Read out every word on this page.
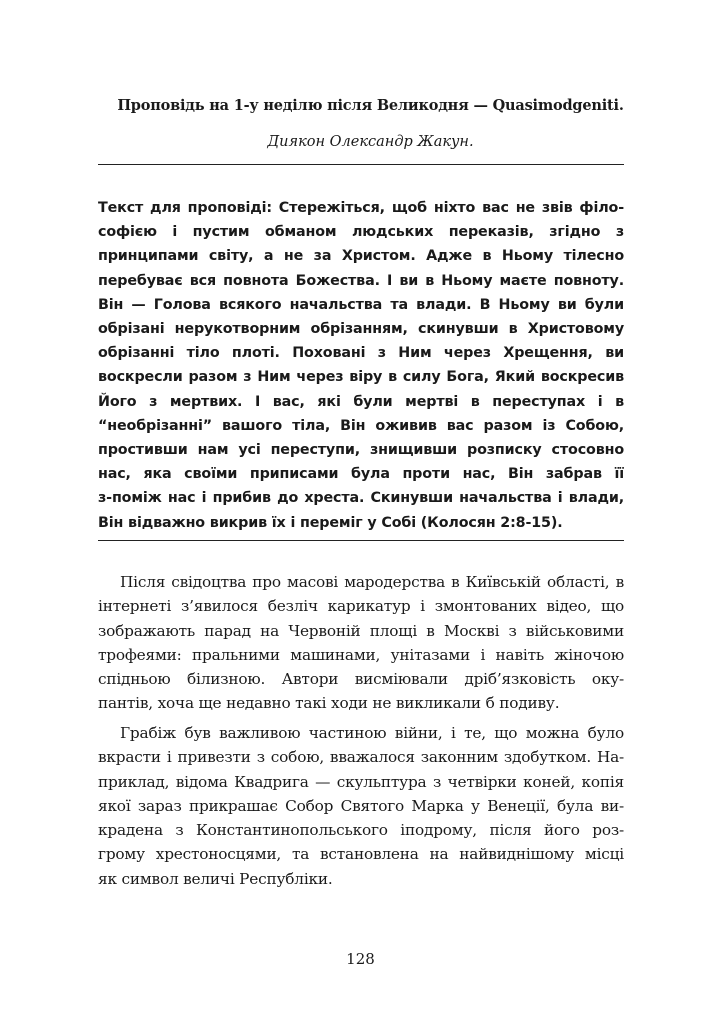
Проповідь на 1-у неділю після Великодня — Quasimodgeniti.
Диякон Олександр Жакун.
Текст для проповіді: Стережіться, щоб ніхто вас не звів філо-
софією і пустим обманом людських переказів, згідно з
принципами світу, а не за Христом. Адже в Ньому тілесно
перебуває вся повнота Божества. І ви в Ньому маєте повноту.
Він — Голова всякого начальства та влади. В Ньому ви були
обрізані нерукотворним обрізанням, скинувши в Христовому
обрізанні тіло плоті. Поховані з Ним через Хрещення, ви
воскресли разом з Ним через віру в силу Бога, Який воскресив
Його з мертвих. І вас, які були мертві в переступах і в
“необрізанні” вашого тіла, Він оживив вас разом із Собою,
простивши нам усі переступи, знищивши розписку стосовно
нас, яка своїми приписами була проти нас, Він забрав її
з-поміж нас і прибив до хреста. Скинувши начальства і влади,
Він відважно викрив їх і переміг у Собі (Колосян 2:8-15).
Після свідоцтва про масові мародерства в Київській області, в
інтернеті з’явилося безліч карикатур і змонтованих відео, що
зображають парад на Червоній площі в Москві з військовими
трофеями: пральними машинами, унітазами і навіть жіночою
спідньою білизною. Автори висміювали дріб’язковість оку-
пантів, хоча ще недавно такі ходи не викликали б подиву.
Грабіж був важливою частиною війни, і те, що можна було
вкрасти і привезти з собою, вважалося законним здобутком. На-
приклад, відома Квадрига — скульптура з четвірки коней, копія
якої зараз прикрашає Собор Святого Марка у Венеції, була ви-
крадена з Константинопольського іподрому, після його роз-
грому хрестоносцями, та встановлена на найвиднішому місці
як символ величі Республіки.
128
